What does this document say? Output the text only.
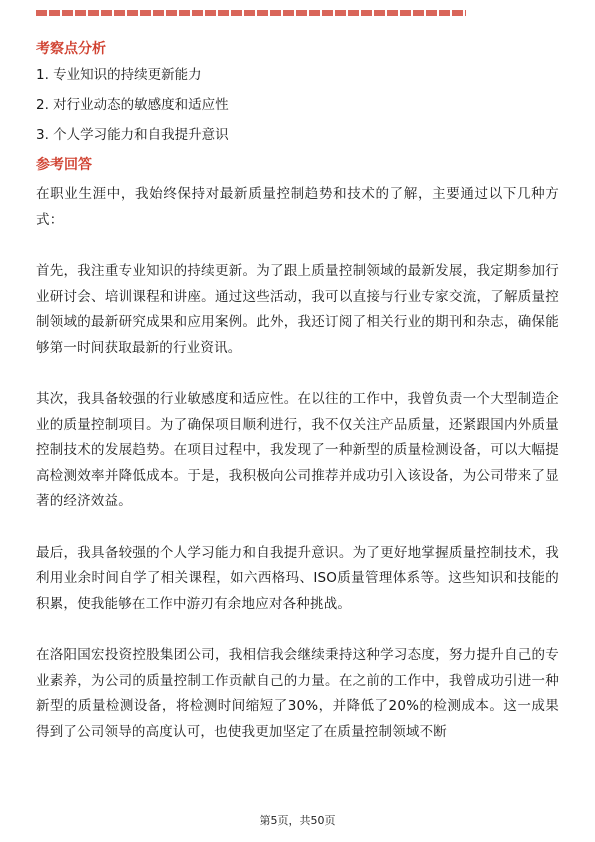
考察点分析
1. 专业知识的持续更新能力
2. 对行业动态的敏感度和适应性
3. 个人学习能力和自我提升意识
参考回答

在职业生涯中，我始终保持对最新质量控制趋势和技术的了解，主要通过以下几种方式：

首先，我注重专业知识的持续更新。为了跟上质量控制领域的最新发展，我定期参加行业研讨会、培训课程和讲座。通过这些活动，我可以直接与行业专家交流，了解质量控制领域的最新研究成果和应用案例。此外，我还订阅了相关行业的期刊和杂志，确保能够第一时间获取最新的行业资讯。

其次，我具备较强的行业敏感度和适应性。在以往的工作中，我曾负责一个大型制造企业的质量控制项目。为了确保项目顺利进行，我不仅关注产品质量，还紧跟国内外质量控制技术的发展趋势。在项目过程中，我发现了一种新型的质量检测设备，可以大幅提高检测效率并降低成本。于是，我积极向公司推荐并成功引入该设备，为公司带来了显著的经济效益。

最后，我具备较强的个人学习能力和自我提升意识。为了更好地掌握质量控制技术，我利用业余时间自学了相关课程，如六西格玛、ISO质量管理体系等。这些知识和技能的积累，使我能够在工作中游刃有余地应对各种挑战。

在洛阳国宏投资控股集团公司，我相信我会继续秉持这种学习态度，努力提升自己的专业素养，为公司的质量控制工作贡献自己的力量。在之前的工作中，我曾成功引进一种新型的质量检测设备，将检测时间缩短了30%，并降低了20%的检测成本。这一成果得到了公司领导的高度认可，也使我更加坚定了在质量控制领域不断

第5页，共50页
